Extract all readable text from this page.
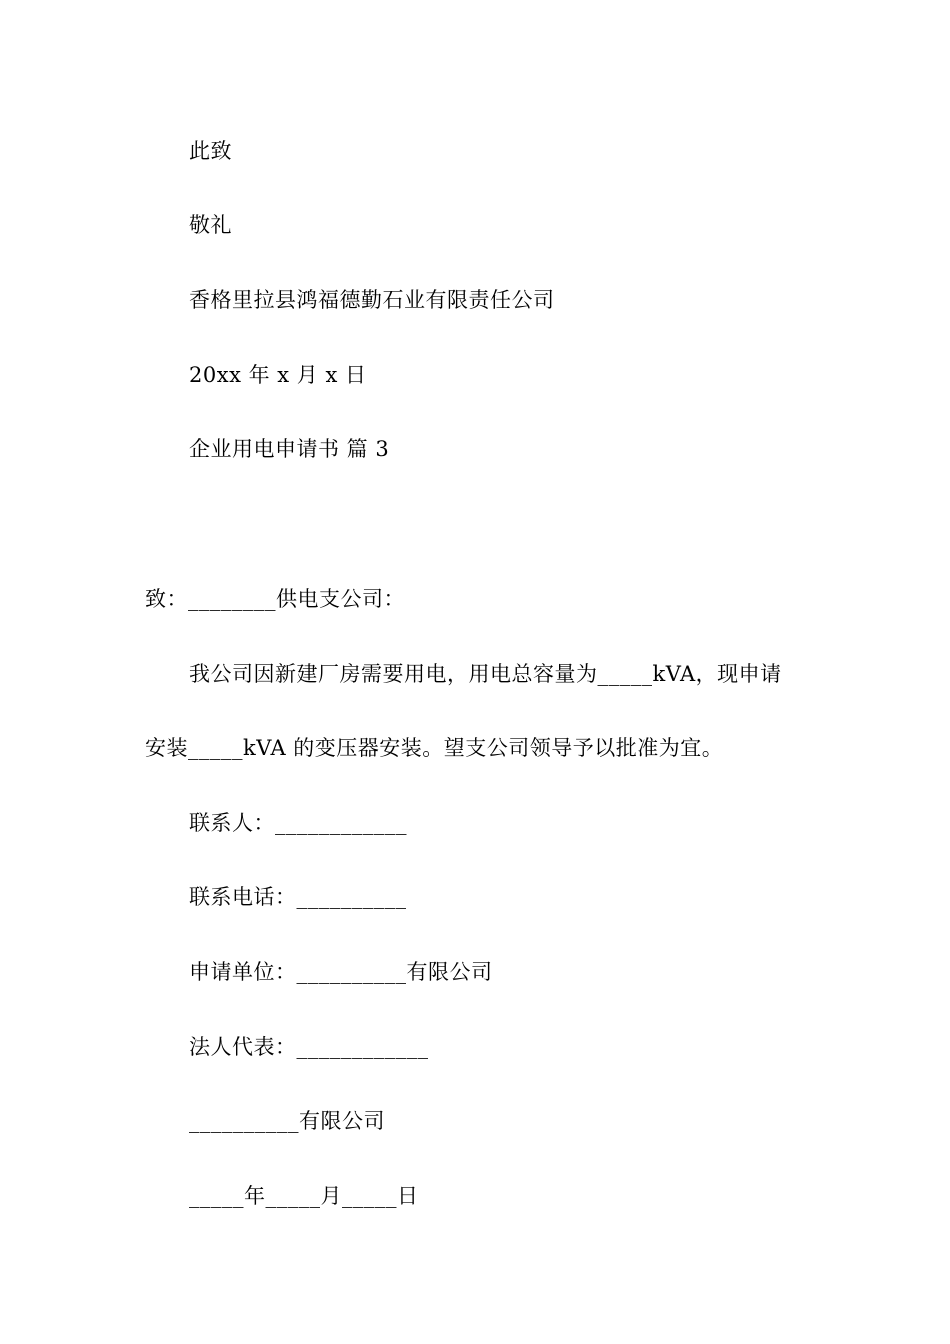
此致
敬礼
香格里拉县鸿福德勤石业有限责任公司
20xx 年 x 月 x 日
企业用电申请书 篇 3
致：________供电支公司：
我公司因新建厂房需要用电，用电总容量为_____kVA，现申请
安装_____kVA 的变压器安装。望支公司领导予以批准为宜。
联系人：____________
联系电话：__________
申请单位：__________有限公司
法人代表：____________
__________有限公司
_____年_____月_____日
